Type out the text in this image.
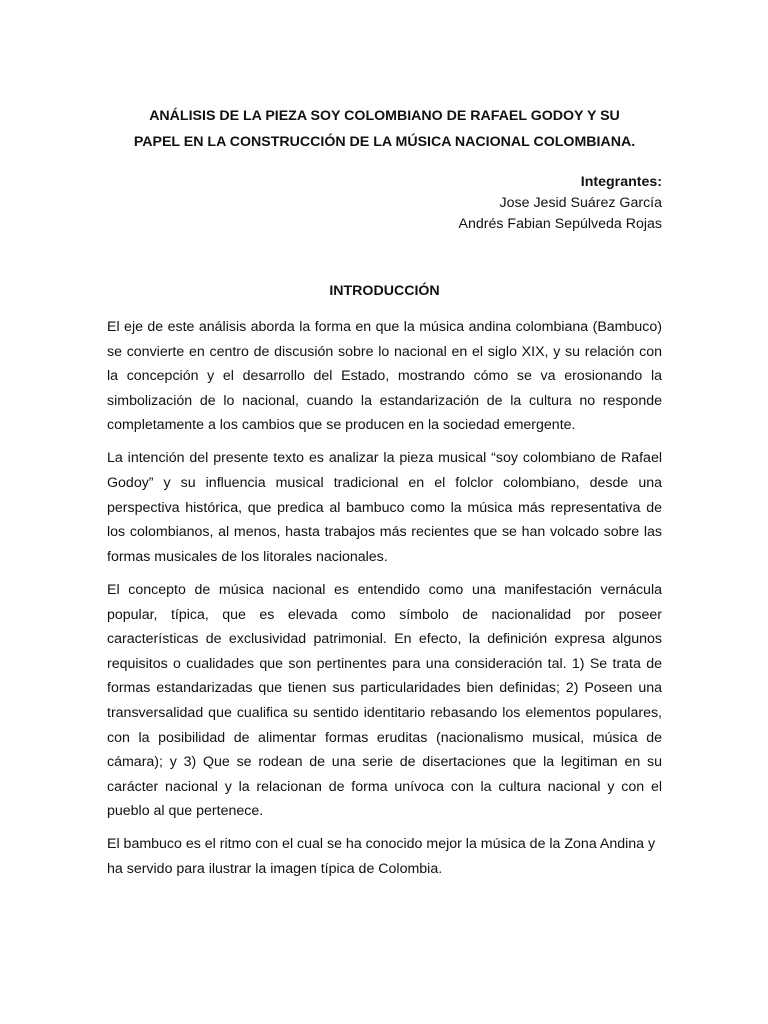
ANÁLISIS DE LA PIEZA SOY COLOMBIANO DE RAFAEL GODOY Y SU
PAPEL EN LA CONSTRUCCIÓN DE LA MÚSICA NACIONAL COLOMBIANA.
Integrantes:
Jose Jesid Suárez García
Andrés Fabian Sepúlveda Rojas
INTRODUCCIÓN

El eje de este análisis aborda la forma en que la música andina colombiana (Bambuco) se convierte en centro de discusión sobre lo nacional en el siglo XIX, y su relación con la concepción y el desarrollo del Estado, mostrando cómo se va erosionando la simbolización de lo nacional, cuando la estandarización de la cultura no responde completamente a los cambios que se producen en la sociedad emergente.

La intención del presente texto es analizar la pieza musical “soy colombiano de Rafael Godoy” y su influencia musical tradicional en el folclor colombiano, desde una perspectiva histórica, que predica al bambuco como la música más representativa de los colombianos, al menos, hasta trabajos más recientes que se han volcado sobre las formas musicales de los litorales nacionales.

El concepto de música nacional es entendido como una manifestación vernácula popular, típica, que es elevada como símbolo de nacionalidad por poseer características de exclusividad patrimonial. En efecto, la definición expresa algunos requisitos o cualidades que son pertinentes para una consideración tal. 1) Se trata de formas estandarizadas que tienen sus particularidades bien definidas; 2) Poseen una transversalidad que cualifica su sentido identitario rebasando los elementos populares, con la posibilidad de alimentar formas eruditas (nacionalismo musical, música de cámara); y 3) Que se rodean de una serie de disertaciones que la legitiman en su carácter nacional y la relacionan de forma unívoca con la cultura nacional y con el pueblo al que pertenece.

El bambuco es el ritmo con el cual se ha conocido mejor la música de la Zona Andina y ha servido para ilustrar la imagen típica de Colombia.
